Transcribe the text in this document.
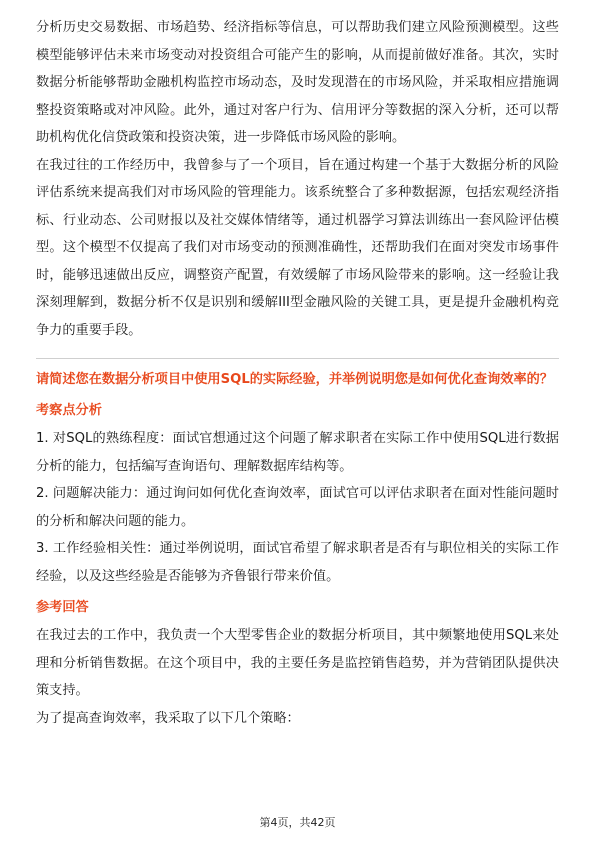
分析历史交易数据、市场趋势、经济指标等信息，可以帮助我们建立风险预测模型。这些模型能够评估未来市场变动对投资组合可能产生的影响，从而提前做好准备。其次，实时数据分析能够帮助金融机构监控市场动态，及时发现潜在的市场风险，并采取相应措施调整投资策略或对冲风险。此外，通过对客户行为、信用评分等数据的深入分析，还可以帮助机构优化信贷政策和投资决策，进一步降低市场风险的影响。

在我过往的工作经历中，我曾参与了一个项目，旨在通过构建一个基于大数据分析的风险评估系统来提高我们对市场风险的管理能力。该系统整合了多种数据源，包括宏观经济指标、行业动态、公司财报以及社交媒体情绪等，通过机器学习算法训练出一套风险评估模型。这个模型不仅提高了我们对市场变动的预测准确性，还帮助我们在面对突发市场事件时，能够迅速做出反应，调整资产配置，有效缓解了市场风险带来的影响。这一经验让我深刻理解到，数据分析不仅是识别和缓解III型金融风险的关键工具，更是提升金融机构竞争力的重要手段。

请简述您在数据分析项目中使用SQL的实际经验，并举例说明您是如何优化查询效率的？
考察点分析

1. 对SQL的熟练程度：面试官想通过这个问题了解求职者在实际工作中使用SQL进行数据分析的能力，包括编写查询语句、理解数据库结构等。

2. 问题解决能力：通过询问如何优化查询效率，面试官可以评估求职者在面对性能问题时的分析和解决问题的能力。

3. 工作经验相关性：通过举例说明，面试官希望了解求职者是否有与职位相关的实际工作经验，以及这些经验是否能够为齐鲁银行带来价值。

参考回答

在我过去的工作中，我负责一个大型零售企业的数据分析项目，其中频繁地使用SQL来处理和分析销售数据。在这个项目中，我的主要任务是监控销售趋势，并为营销团队提供决策支持。

为了提高查询效率，我采取了以下几个策略：

第4页，共42页
